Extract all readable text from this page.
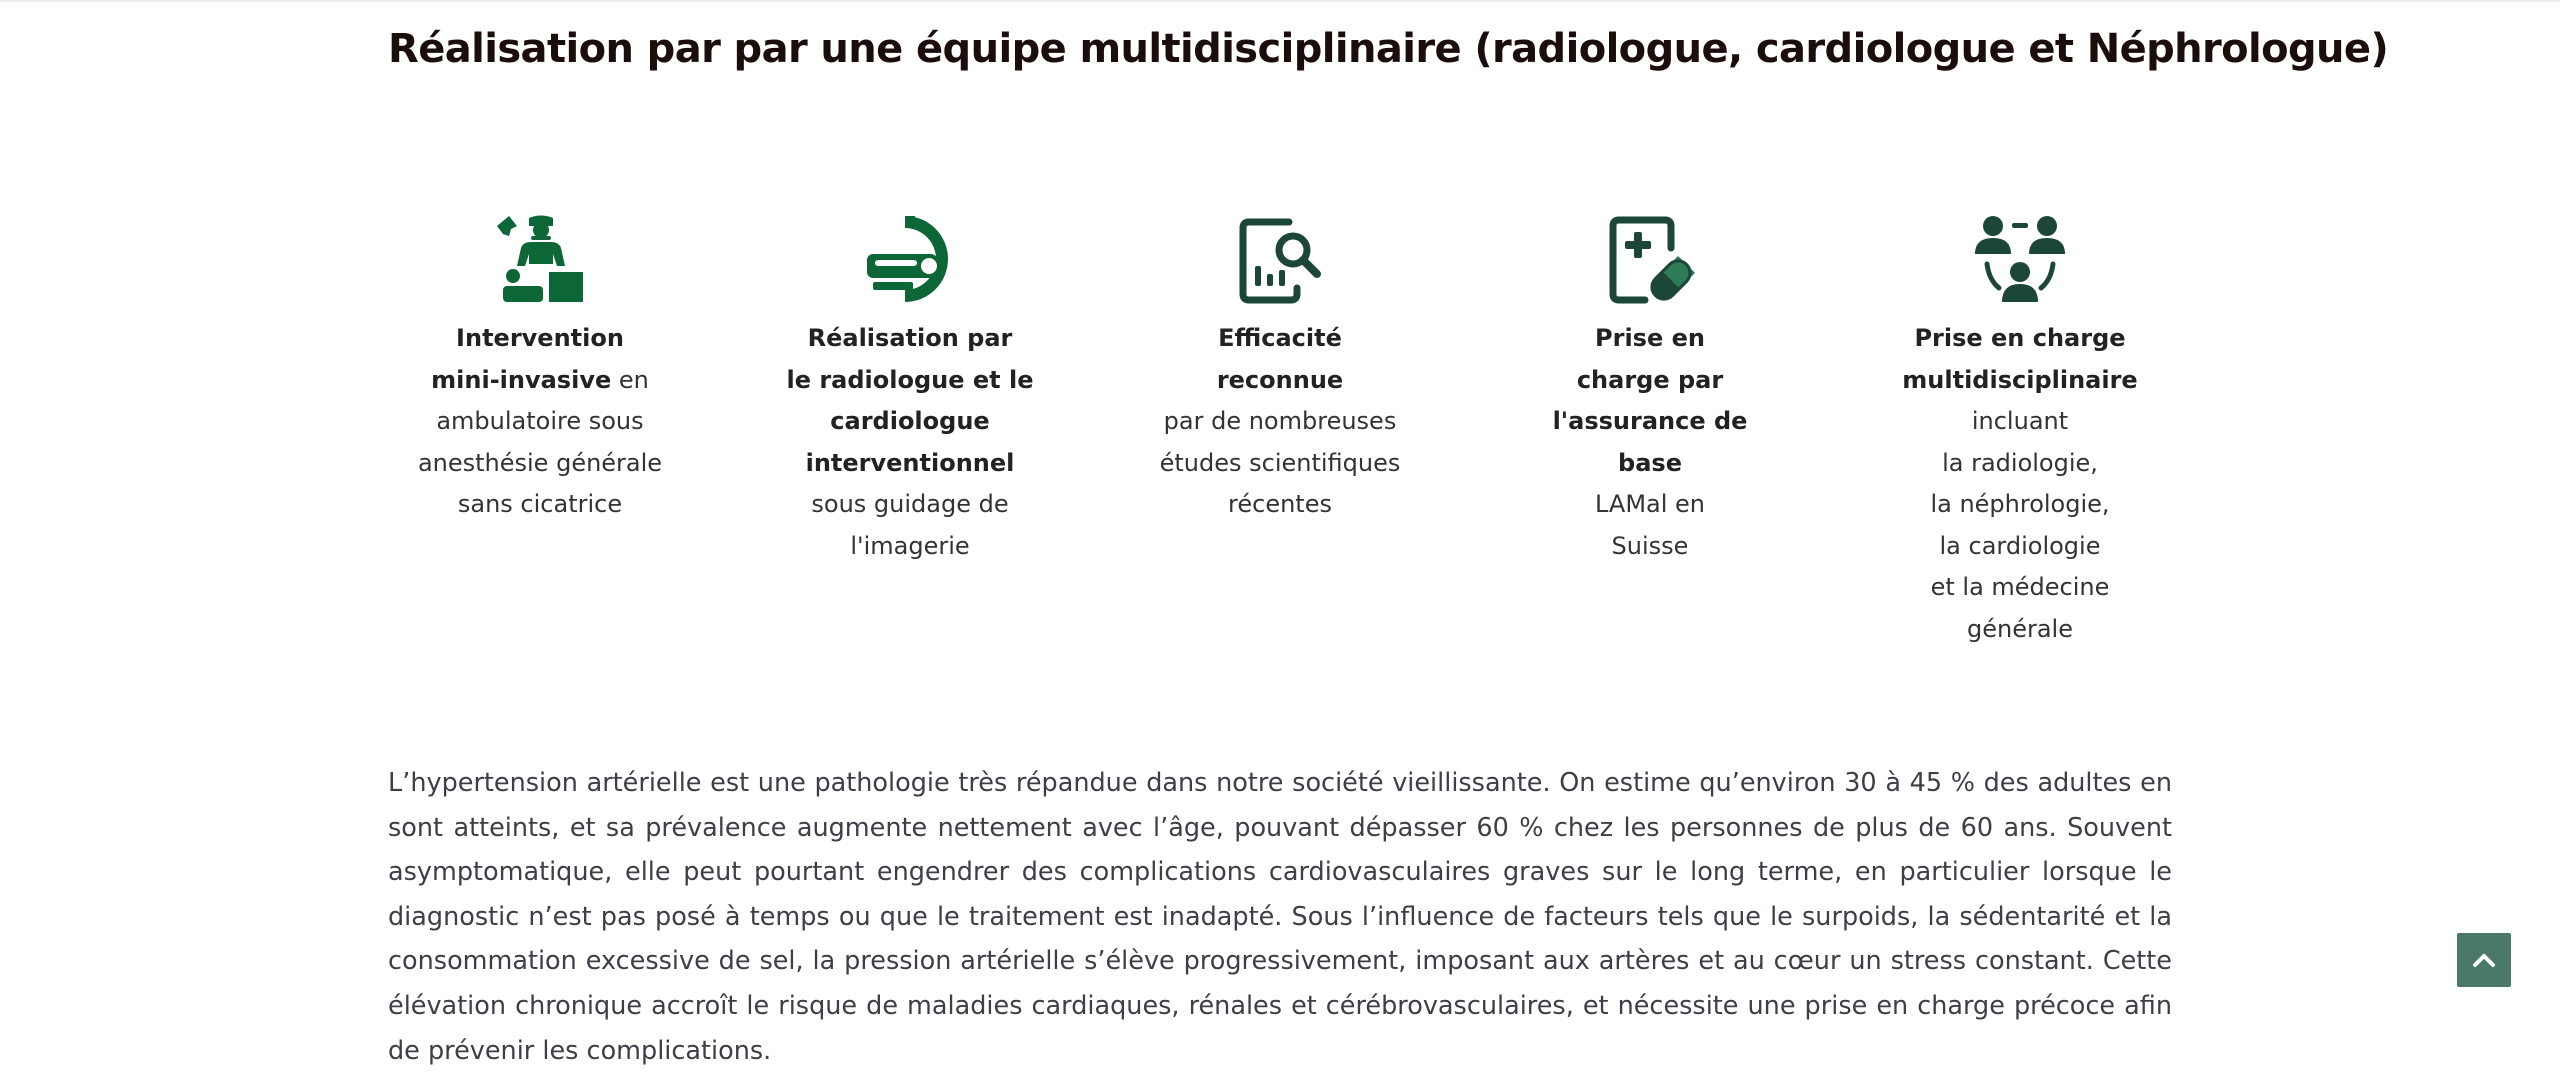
Réalisation par par une équipe multidisciplinaire (radiologue, cardiologue et Néphrologue)
Intervention
mini-invasive en
ambulatoire sous
anesthésie générale
sans cicatrice
Réalisation par
le radiologue et le
cardiologue
interventionnel
sous guidage de
l'imagerie
Efficacité
reconnue
par de nombreuses
études scientifiques
récentes
Prise en
charge par
l'assurance de
base
LAMal en
Suisse
Prise en charge
multidisciplinaire
incluant
la radiologie,
la néphrologie,
la cardiologie
et la médecine
générale

L’hypertension artérielle est une pathologie très répandue dans notre société vieillissante. On estime qu’environ 30 à 45 % des adultes en sont atteints, et sa prévalence augmente nettement avec l’âge, pouvant dépasser 60 % chez les personnes de plus de 60 ans. Souvent asymptomatique, elle peut pourtant engendrer des complications cardiovasculaires graves sur le long terme, en particulier lorsque le diagnostic n’est pas posé à temps ou que le traitement est inadapté. Sous l’influence de facteurs tels que le surpoids, la sédentarité et la consommation excessive de sel, la pression artérielle s’élève progressivement, imposant aux artères et au cœur un stress constant. Cette élévation chronique accroît le risque de maladies cardiaques, rénales et cérébrovasculaires, et nécessite une prise en charge précoce afin de prévenir les complications.
